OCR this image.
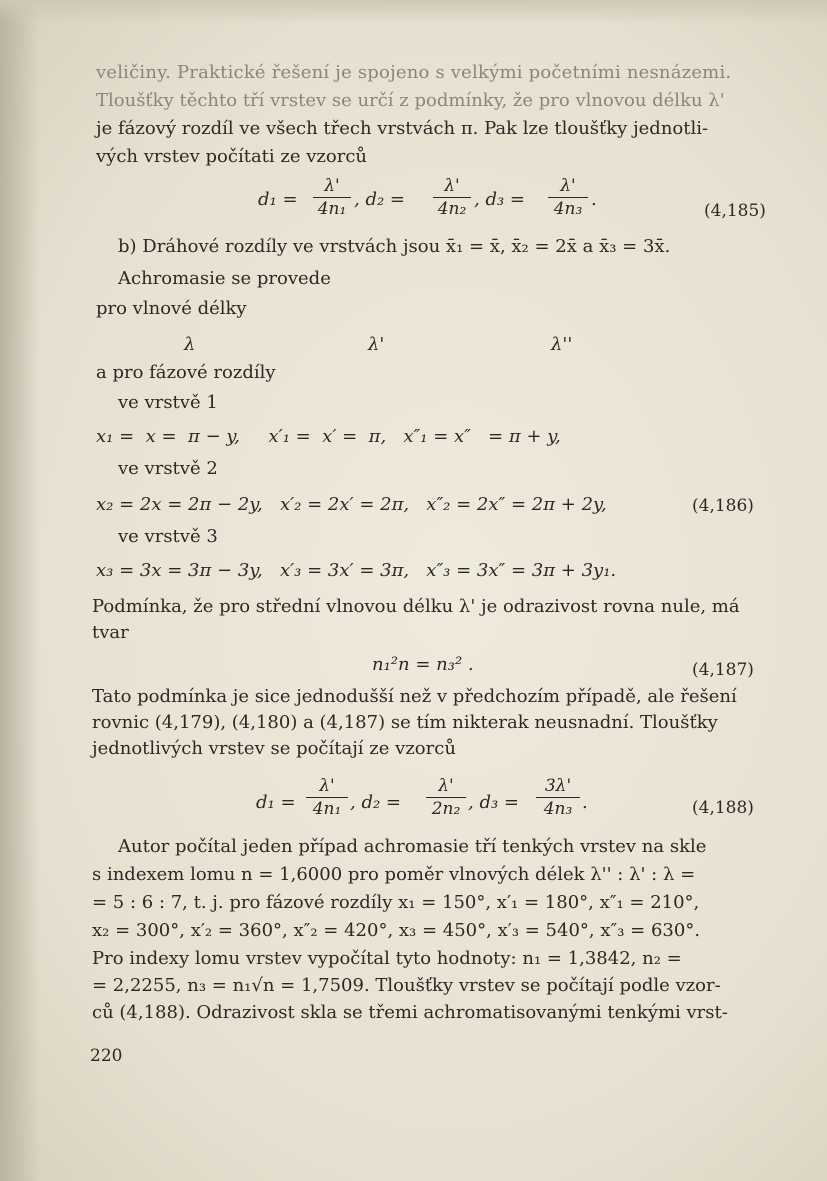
veličiny. Praktické řešení je spojeno s velkými početními nesnázemi.
Tloušťky těchto tří vrstev se určí z podmínky, že pro vlnovou délku λ'
je fázový rozdíl ve všech třech vrstvách π. Pak lze tloušťky jednotli-
vých vrstev počítati ze vzorců
d₁ =
λ'
4n₁ , d₂ =
λ'
4n₂ , d₃ =
λ'
4n₃ .
(4,185)
b) Dráhové rozdíly ve vrstvách jsou x̄₁ = x̄, x̄₂ = 2x̄ a x̄₃ = 3x̄.
Achromasie se provede
pro vlnové délky
λ	λ'	λ''
a pro fázové rozdíly
ve vrstvě 1
x₁ =  x =  π − y,     x′₁ =  x′ =  π,   x″₁ = x″   = π + y,
ve vrstvě 2
x₂ = 2x = 2π − 2y,   x′₂ = 2x′ = 2π,   x″₂ = 2x″ = 2π + 2y,	(4,186)
ve vrstvě 3
x₃ = 3x = 3π − 3y,   x′₃ = 3x′ = 3π,   x″₃ = 3x″ = 3π + 3y₁.
Podmínka, že pro střední vlnovou délku λ' je odrazivost rovna nule, má
tvar
n₁²n = n₃² .	(4,187)
Tato podmínka je sice jednodušší než v předchozím případě, ale řešení
rovnic (4,179), (4,180) a (4,187) se tím nikterak neusnadní. Tloušťky
jednotlivých vrstev se počítají ze vzorců
d₁ =
λ'
4n₁ , d₂ =
λ'
2n₂ , d₃ =
3λ'
4n₃ .	(4,188)
Autor počítal jeden případ achromasie tří tenkých vrstev na skle
s indexem lomu n = 1,6000 pro poměr vlnových délek λ'' : λ' : λ =
= 5 : 6 : 7, t. j. pro fázové rozdíly x₁ = 150°, x′₁ = 180°, x″₁ = 210°,
x₂ = 300°, x′₂ = 360°, x″₂ = 420°, x₃ = 450°, x′₃ = 540°, x″₃ = 630°.
Pro indexy lomu vrstev vypočítal tyto hodnoty: n₁ = 1,3842, n₂ =
= 2,2255, n₃ = n₁√n = 1,7509. Tloušťky vrstev se počítají podle vzor-
ců (4,188). Odrazivost skla se třemi achromatisovanými tenkými vrst-
220
